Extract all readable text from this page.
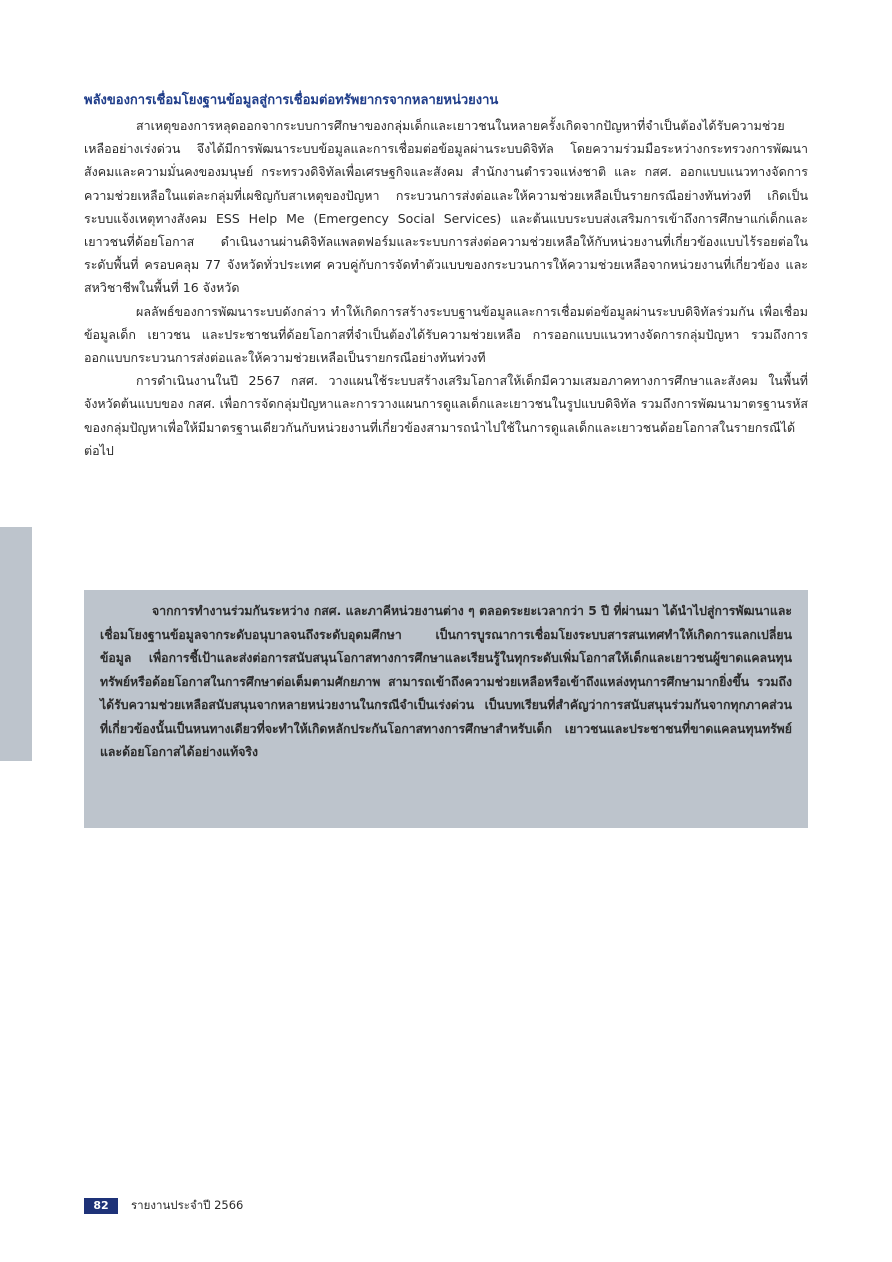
พลังของการเชื่อมโยงฐานข้อมูลสู่การเชื่อมต่อทรัพยากรจากหลายหน่วยงาน

สาเหตุของการหลุดออกจากระบบการศึกษาของกลุ่มเด็กและเยาวชนในหลายครั้งเกิดจากปัญหาที่จำเป็นต้องได้รับความช่วยเหลืออย่างเร่งด่วน จึงได้มีการพัฒนาระบบข้อมูลและการเชื่อมต่อข้อมูลผ่านระบบดิจิทัล โดยความร่วมมือระหว่างกระทรวงการพัฒนาสังคมและความมั่นคงของมนุษย์ กระทรวงดิจิทัลเพื่อเศรษฐกิจและสังคม สำนักงานตำรวจแห่งชาติ และ กสศ. ออกแบบแนวทางจัดการความช่วยเหลือในแต่ละกลุ่มที่เผชิญกับสาเหตุของปัญหา กระบวนการส่งต่อและให้ความช่วยเหลือเป็นรายกรณีอย่างทันท่วงที เกิดเป็นระบบแจ้งเหตุทางสังคม ESS Help Me (Emergency Social Services) และต้นแบบระบบส่งเสริมการเข้าถึงการศึกษาแก่เด็กและเยาวชนที่ด้อยโอกาส ดำเนินงานผ่านดิจิทัลแพลตฟอร์มและระบบการส่งต่อความช่วยเหลือให้กับหน่วยงานที่เกี่ยวข้องแบบไร้รอยต่อในระดับพื้นที่ ครอบคลุม 77 จังหวัดทั่วประเทศ ควบคู่กับการจัดทำตัวแบบของกระบวนการให้ความช่วยเหลือจากหน่วยงานที่เกี่ยวข้อง และสหวิชาชีพในพื้นที่ 16 จังหวัด

ผลลัพธ์ของการพัฒนาระบบดังกล่าว ทำให้เกิดการสร้างระบบฐานข้อมูลและการเชื่อมต่อข้อมูลผ่านระบบดิจิทัลร่วมกัน เพื่อเชื่อมข้อมูลเด็ก เยาวชน และประชาชนที่ด้อยโอกาสที่จำเป็นต้องได้รับความช่วยเหลือ การออกแบบแนวทางจัดการกลุ่มปัญหา รวมถึงการออกแบบกระบวนการส่งต่อและให้ความช่วยเหลือเป็นรายกรณีอย่างทันท่วงที

การดำเนินงานในปี 2567 กสศ. วางแผนใช้ระบบสร้างเสริมโอกาสให้เด็กมีความเสมอภาคทางการศึกษาและสังคม ในพื้นที่จังหวัดต้นแบบของ กสศ. เพื่อการจัดกลุ่มปัญหาและการวางแผนการดูแลเด็กและเยาวชนในรูปแบบดิจิทัล รวมถึงการพัฒนามาตรฐานรหัสของกลุ่มปัญหาเพื่อให้มีมาตรฐานเดียวกันกับหน่วยงานที่เกี่ยวข้องสามารถนำไปใช้ในการดูแลเด็กและเยาวชนด้อยโอกาสในรายกรณีได้ต่อไป

จากการทำงานร่วมกันระหว่าง กสศ. และภาคีหน่วยงานต่าง ๆ ตลอดระยะเวลากว่า 5 ปี ที่ผ่านมา ได้นำไปสู่การพัฒนาและเชื่อมโยงฐานข้อมูลจากระดับอนุบาลจนถึงระดับอุดมศึกษา เป็นการบูรณาการเชื่อมโยงระบบสารสนเทศทำให้เกิดการแลกเปลี่ยนข้อมูล เพื่อการชี้เป้าและส่งต่อการสนับสนุนโอกาสทางการศึกษาและเรียนรู้ในทุกระดับเพิ่มโอกาสให้เด็กและเยาวชนผู้ขาดแคลนทุนทรัพย์หรือด้อยโอกาสในการศึกษาต่อเต็มตามศักยภาพ สามารถเข้าถึงความช่วยเหลือหรือเข้าถึงแหล่งทุนการศึกษามากยิ่งขึ้น รวมถึงได้รับความช่วยเหลือสนับสนุนจากหลายหน่วยงานในกรณีจำเป็นเร่งด่วน เป็นบทเรียนที่สำคัญว่าการสนับสนุนร่วมกันจากทุกภาคส่วนที่เกี่ยวข้องนั้นเป็นหนทางเดียวที่จะทำให้เกิดหลักประกันโอกาสทางการศึกษาสำหรับเด็ก เยาวชนและประชาชนที่ขาดแคลนทุนทรัพย์และด้อยโอกาสได้อย่างแท้จริง

82	รายงานประจำปี 2566
